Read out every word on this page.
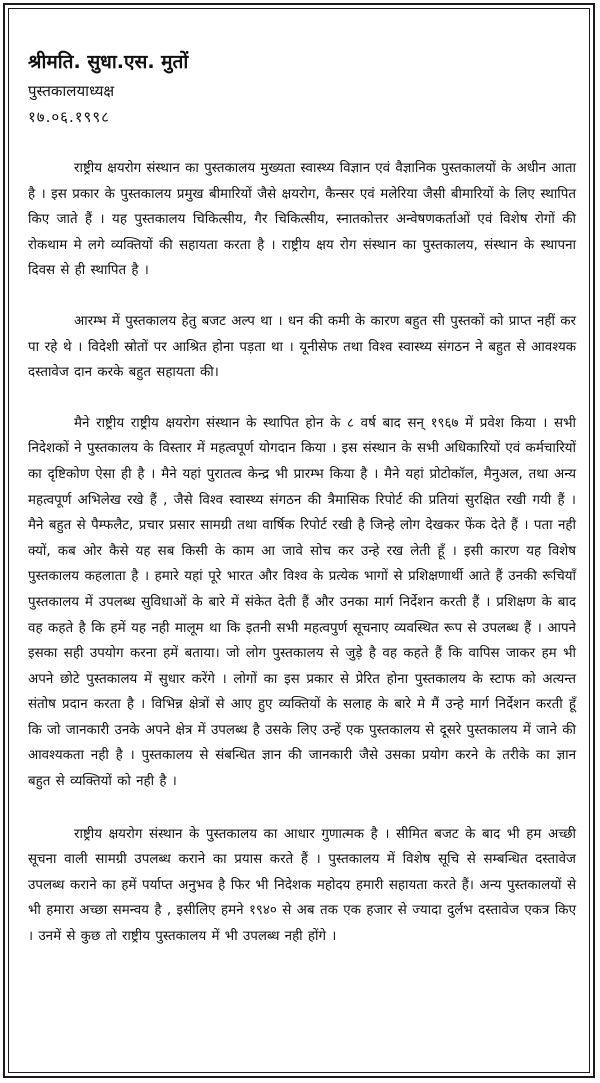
श्रीमति. सुधा.एस. मुतों

पुस्तकालयाध्यक्ष

१७.०६.१९९८

राष्ट्रीय क्षयरोग संस्थान का पुस्तकालय मुख्यता स्वास्थ्य विज्ञान एवं वैज्ञानिक पुस्तकालयों के अधीन आता है । इस प्रकार के पुस्तकालय प्रमुख बीमारियों जैसे क्षयरोग, कैन्सर एवं मलेरिया जैसी बीमारियों के लिए स्थापित किए जाते हैं । यह पुस्तकालय चिकित्सीय, गैर चिकित्सीय, स्नातकोत्तर अन्वेषणकर्ताओं एवं विशेष रोगों की रोकथाम मे लगे व्यक्तियों की सहायता करता है । राष्ट्रीय क्षय रोग संस्थान का पुस्तकालय, संस्थान के स्थापना दिवस से ही स्थापित है ।

आरम्भ में पुस्तकालय हेतु बजट अल्प था । धन की कमी के कारण बहुत सी पुस्तकों को प्राप्त नहीं कर पा रहे थे । विदेशी स्रोतों पर आश्रित होना पड़ता था । यूनीसेफ तथा विश्व स्वास्थ्य संगठन ने बहुत से आवश्यक दस्तावेज दान करके बहुत सहायता की।

मैने राष्ट्रीय राष्ट्रीय क्षयरोग संस्थान के स्थापित होन के ८ वर्ष बाद सन् १९६७ में प्रवेश किया । सभी निदेशकों ने पुस्तकालय के विस्तार में महत्वपूर्ण योगदान किया । इस संस्थान के सभी अधिकारियों एवं कर्मचारियों का दृष्टिकोण ऐसा ही है । मैने यहां पुरातत्व केन्द्र भी प्रारम्भ किया है । मैने यहां प्रोटोकॉल, मैनुअल, तथा अन्य महत्वपूर्ण अभिलेख रखे हैं , जैसे विश्व स्वास्थ्य संगठन की त्रैमासिक रिपोर्ट की प्रतियां सुरक्षित रखी गयी हैं । मैने बहुत से पैम्फलैट, प्रचार प्रसार सामग्री तथा वार्षिक रिपोर्ट रखी है जिन्हे लोग देखकर फेंक देते हैं । पता नही क्यों, कब ओर कैसे यह सब किसी के काम आ जावे सोच कर उन्हे रख लेती हूँ । इसी कारण यह विशेष पुस्तकालय कहलाता है । हमारे यहां पूरे भारत और विश्व के प्रत्येक भागों से प्रशिक्षणार्थी आते हैं उनकी रूचियाँ पुस्तकालय में उपलब्ध सुविधाओं के बारे में संकेत देती हैं और उनका मार्ग निर्देशन करती हैं । प्रशिक्षण के बाद वह कहते है कि हमें यह नही मालूम था कि इतनी सभी महत्वपुर्ण सूचनाए व्यवस्थित रूप से उपलब्ध हैं । आपने इसका सही उपयोग करना हमें बताया। जो लोग पुस्तकालय से जुड़े है वह कहते हैं कि वापिस जाकर हम भी अपने छोटे पुस्तकालय में सुधार करेंगे । लोगों का इस प्रकार से प्रेरित होना पुस्तकालय के स्टाफ को अत्यन्त संतोष प्रदान करता है । विभिन्न क्षेत्रों से आए हुए व्यक्तियों के सलाह के बारे मे मैं उन्हे मार्ग निर्देशन करती हूँ कि जो जानकारी उनके अपने क्षेत्र में उपलब्ध है उसके लिए उन्हें एक पुस्तकालय से दूसरे पुस्तकालय में जाने की आवश्यकता नही है । पुस्तकालय से संबन्धित ज्ञान की जानकारी जैसे उसका प्रयोग करने के तरीके का ज्ञान बहुत से व्यक्तियों को नही है ।

राष्ट्रीय क्षयरोग संस्थान के पुस्तकालय का आधार गुणात्मक है । सीमित बजट के बाद भी हम अच्छी सूचना वाली सामग्री उपलब्ध कराने का प्रयास करते हैं । पुस्तकालय में विशेष सूचि से सम्बन्धित दस्तावेज उपलब्ध कराने का हमें पर्याप्त अनुभव है फिर भी निदेशक महोदय हमारी सहायता करते हैं। अन्य पुस्तकालयों से भी हमारा अच्छा समन्वय है , इसीलिए हमने १९४० से अब तक एक हजार से ज्यादा दुर्लभ दस्तावेज एकत्र किए । उनमें से कुछ तो राष्ट्रीय पुस्तकालय में भी उपलब्ध नही होंगे ।
